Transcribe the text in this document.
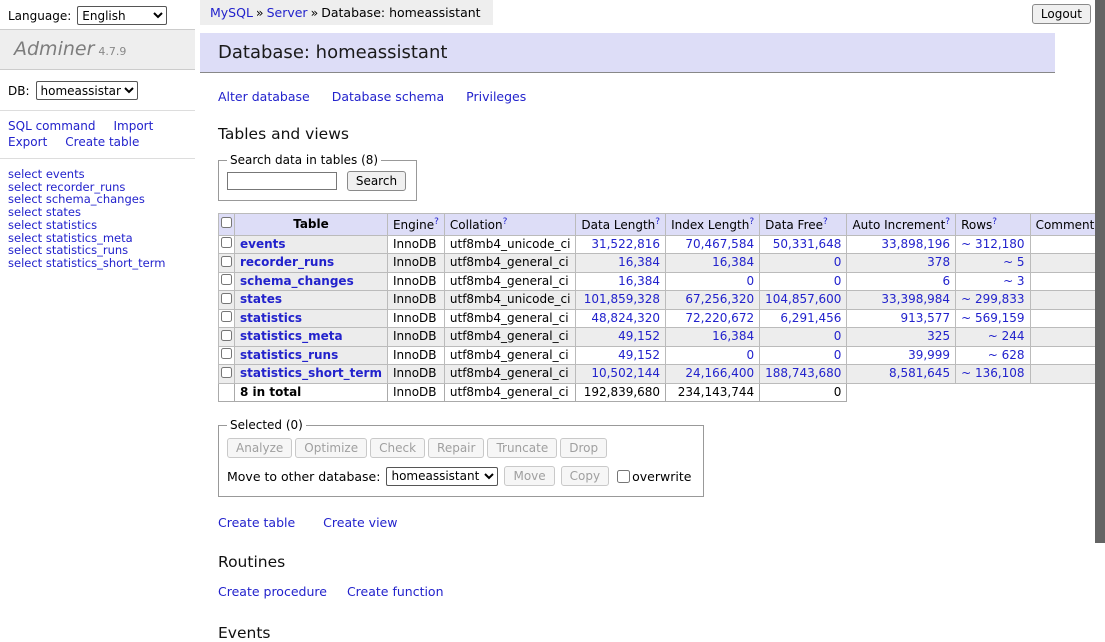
Language:
English
Adminer 4.7.9
DB:
homeassistant
SQL command Import
Export Create table
select events
select recorder_runs
select schema_changes
select states
select statistics
select statistics_meta
select statistics_runs
select statistics_short_term
MySQL » Server » Database: homeassistant	Logout
Database: homeassistant
Alter database Database schema Privileges
Tables and views
Search data in tables (8)
Search
	Table	Engine?	Collation?	Data Length?	Index Length?	Data Free?	Auto Increment?	Rows?	Comment
	events	InnoDB	utf8mb4_unicode_ci	31,522,816	70,467,584	50,331,648	33,898,196	~ 312,180	
	recorder_runs	InnoDB	utf8mb4_general_ci	16,384	16,384	0	378	~ 5	
	schema_changes	InnoDB	utf8mb4_general_ci	16,384	0	0	6	~ 3	
	states	InnoDB	utf8mb4_unicode_ci	101,859,328	67,256,320	104,857,600	33,398,984	~ 299,833	
	statistics	InnoDB	utf8mb4_general_ci	48,824,320	72,220,672	6,291,456	913,577	~ 569,159	
	statistics_meta	InnoDB	utf8mb4_general_ci	49,152	16,384	0	325	~ 244	
	statistics_runs	InnoDB	utf8mb4_general_ci	49,152	0	0	39,999	~ 628	
	statistics_short_term	InnoDB	utf8mb4_general_ci	10,502,144	24,166,400	188,743,680	8,581,645	~ 136,108	
	8 in total	InnoDB	utf8mb4_general_ci	192,839,680	234,143,744	0			
Selected (0)
Analyze Optimize Check Repair Truncate Drop
Move to other database:
homeassistant	Move Copy	overwrite
Create table Create view
Routines
Create procedure Create function
Events
